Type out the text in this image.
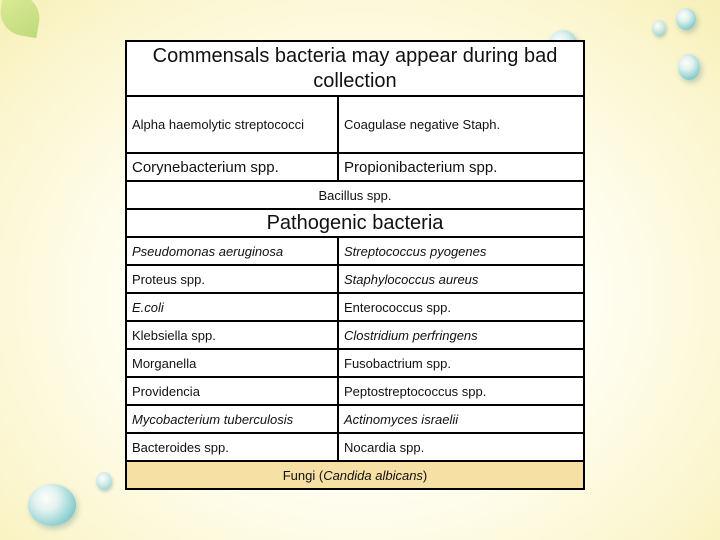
Commensals bacteria may appear during bad collection	
Alpha haemolytic streptococci	Coagulase negative Staph.
Corynebacterium spp.	Propionibacterium spp.
Bacillus spp.	
Pathogenic bacteria	
Pseudomonas aeruginosa	Streptococcus pyogenes
Proteus spp.	Staphylococcus aureus
E.coli	Enterococcus spp.
Klebsiella spp.	Clostridium perfringens
Morganella	Fusobactrium spp.
Providencia	Peptostreptococcus spp.
Mycobacterium tuberculosis	Actinomyces israelii
Bacteroides spp.	Nocardia spp.
Fungi (Candida albicans)	
